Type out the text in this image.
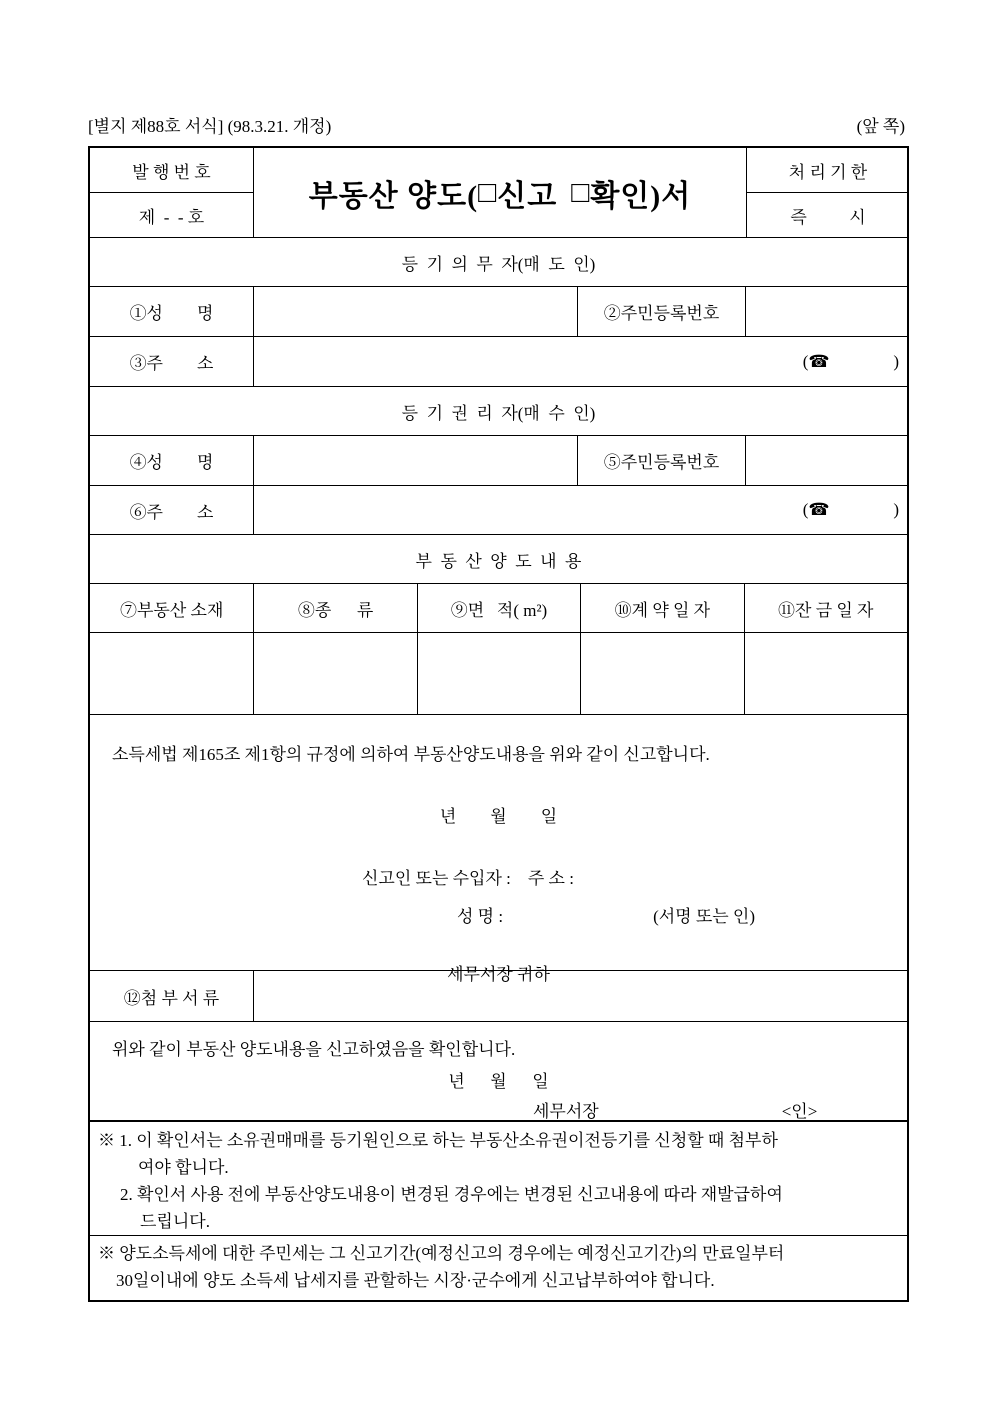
[별지 제88호 서식] (98.3.21. 개정)	(앞 쪽)
발 행 번 호
제  -  - 호
부동산 양도( □ 신고 □ 확인 )서
처 리 기 한
즉          시
등  기  의  무  자(매  도  인)
①성        명	②주민등록번호
③주        소	(☎               )
등  기  권  리  자(매  수  인)
④성        명	⑤주민등록번호
⑥주        소	(☎               )
부  동  산  양  도  내  용
⑦부동산 소재	⑧종      류	⑨면   적( m²)	⑩계 약 일 자	⑪잔 금 일 자
소득세법 제165조 제1항의 규정에 의하여 부동산양도내용을 위와 같이 신고합니다.
년        월        일
신고인 또는 수입자 :    주 소 :
성 명 :	(서명 또는 인)
세무서장 귀하
⑫첨 부 서 류
위와 같이 부동산 양도내용을 신고하였음을 확인합니다.
년      월      일
세무서장	<인>
※ 1. 이 확인서는 소유권매매를 등기원인으로 하는 부동산소유권이전등기를 신청할 때 첨부하
여야 합니다.
2. 확인서 사용 전에 부동산양도내용이 변경된 경우에는 변경된 신고내용에 따라 재발급하여
드립니다.
※ 양도소득세에 대한 주민세는 그 신고기간(예정신고의 경우에는 예정신고기간)의 만료일부터
30일이내에 양도 소득세 납세지를 관할하는 시장·군수에게 신고납부하여야 합니다.
